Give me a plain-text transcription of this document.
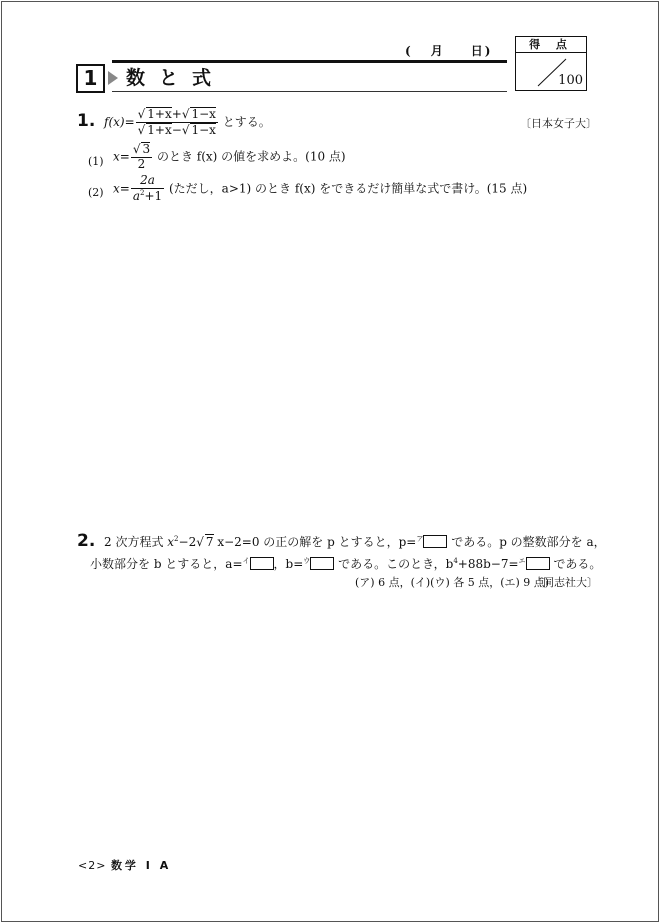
( 月 日)
1	数と式
得 点
100
1. $f(x)= \frac{√ 1+x+√ 1-x}{√ 1+x-√ 1-x}$ とする。	〔日本女子大〕
(1) $x= \frac{√ 3}{2}$ のとき f(x) の値を求めよ。(10 点)
(2) $x= \frac{2a}{a^2+1}$ (ただし，a>1) のとき f(x) をできるだけ簡単な式で書け。(15 点)
2. 2 次方程式 $x^2-2√$ 7 x−2=0 の正の解を p とすると，p=$^ア$ である。p の整数部分を a，
小数部分を b とすると，a=$^イ$ ，b=$^ウ$ である。このとき，$b^4+88b-7=^エ$ である。
(ア) 6 点，(イ)(ウ) 各 5 点，(エ) 9 点)
〔同志社大〕
<2> 数学 I A
